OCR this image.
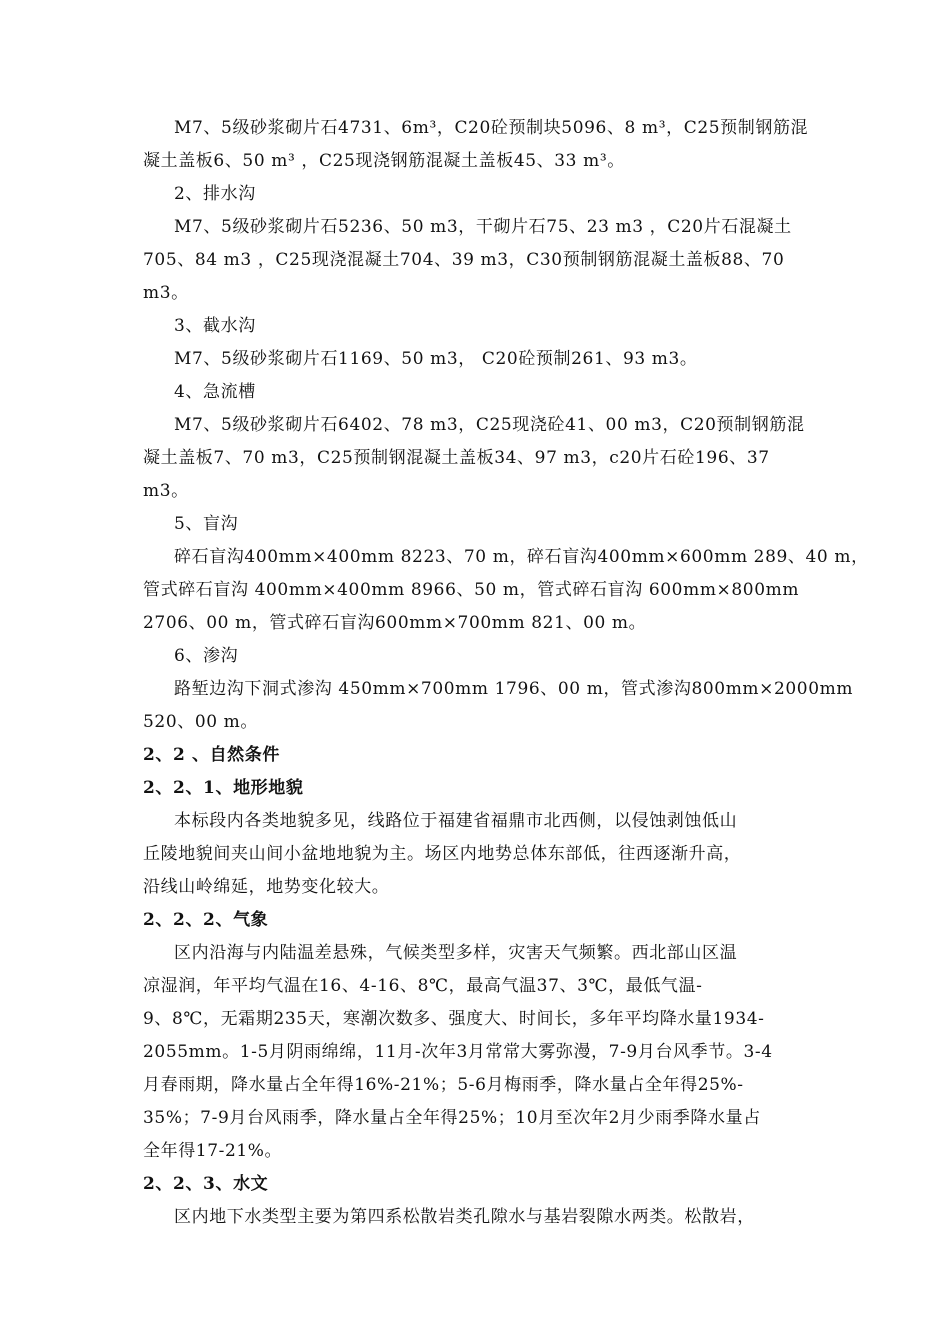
M7、5级砂浆砌片石4731、6m³，C20砼预制块5096、8 m³，C25预制钢筋混
凝土盖板6、50 m³ ，C25现浇钢筋混凝土盖板45、33 m³。
2、排水沟
M7、5级砂浆砌片石5236、50 m3，干砌片石75、23 m3 ，C20片石混凝土
705、84 m3 ，C25现浇混凝土704、39 m3，C30预制钢筋混凝土盖板88、70
m3。
3、截水沟
M7、5级砂浆砌片石1169、50 m3， C20砼预制261、93 m3。
4、急流槽
M7、5级砂浆砌片石6402、78 m3，C25现浇砼41、00 m3，C20预制钢筋混
凝土盖板7、70 m3，C25预制钢混凝土盖板34、97 m3，c20片石砼196、37
m3。
5、盲沟
碎石盲沟400mm×400mm 8223、70 m，碎石盲沟400mm×600mm 289、40 m，
管式碎石盲沟 400mm×400mm 8966、50 m，管式碎石盲沟 600mm×800mm
2706、00 m，管式碎石盲沟600mm×700mm 821、00 m。
6、渗沟
路堑边沟下洞式渗沟 450mm×700mm 1796、00 m，管式渗沟800mm×2000mm
520、00 m。
2、2 、自然条件
2、2、1、地形地貌
本标段内各类地貌多见，线路位于福建省福鼎市北西侧，以侵蚀剥蚀低山
丘陵地貌间夹山间小盆地地貌为主。场区内地势总体东部低，往西逐渐升高，
沿线山岭绵延，地势变化较大。
2、2、2、气象
区内沿海与内陆温差悬殊，气候类型多样，灾害天气频繁。西北部山区温
凉湿润，年平均气温在16、4-16、8℃，最高气温37、3℃，最低气温-
9、8℃，无霜期235天，寒潮次数多、强度大、时间长，多年平均降水量1934-
2055mm。1-5月阴雨绵绵，11月-次年3月常常大雾弥漫，7-9月台风季节。3-4
月春雨期，降水量占全年得16%-21%；5-6月梅雨季，降水量占全年得25%-
35%；7-9月台风雨季，降水量占全年得25%；10月至次年2月少雨季降水量占
全年得17-21%。
2、2、3、水文
区内地下水类型主要为第四系松散岩类孔隙水与基岩裂隙水两类。松散岩，
